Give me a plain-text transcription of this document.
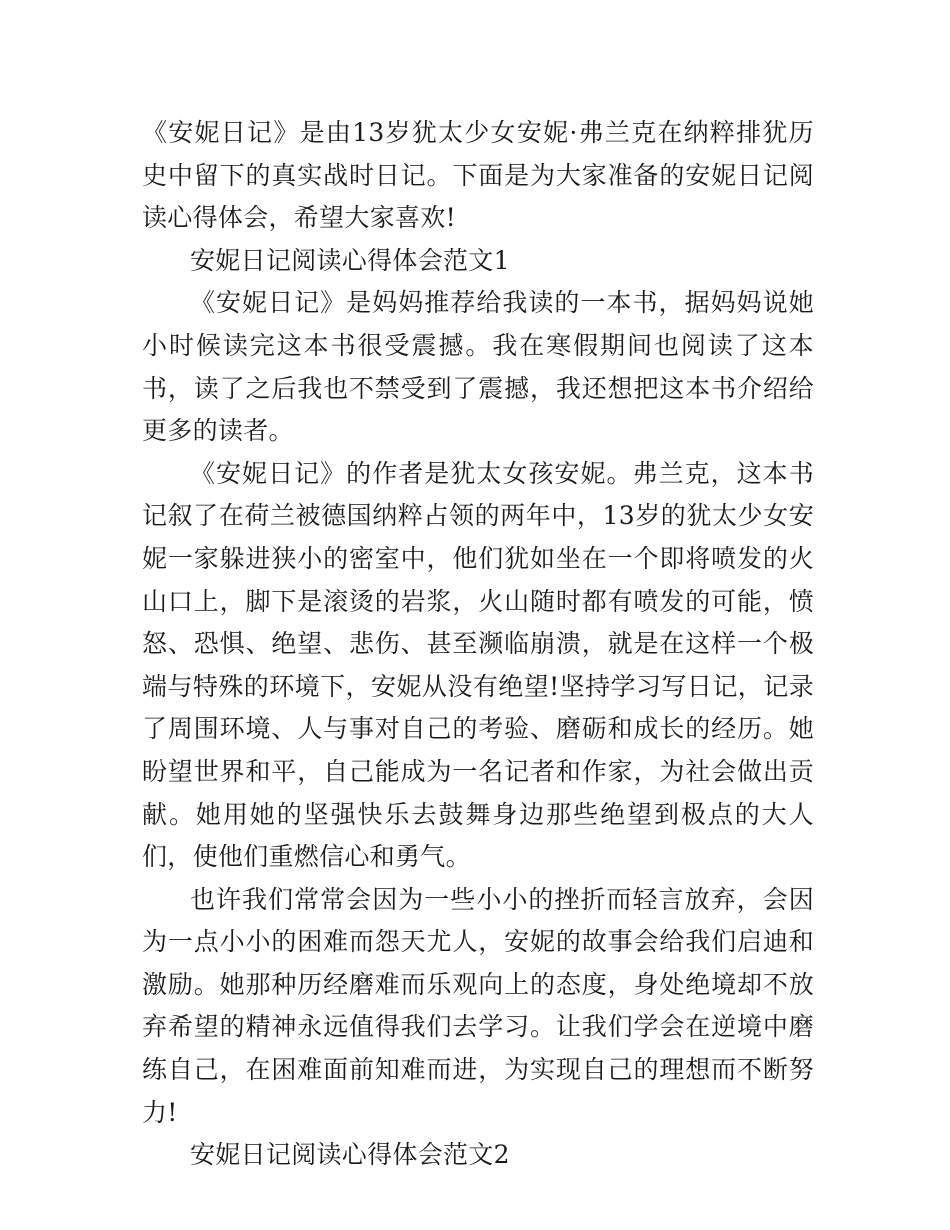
《安妮日记》是由13岁犹太少女安妮·弗兰克在纳粹排犹历史中留下的真实战时日记。下面是为大家准备的安妮日记阅读心得体会，希望大家喜欢!

安妮日记阅读心得体会范文1

《安妮日记》是妈妈推荐给我读的一本书，据妈妈说她小时候读完这本书很受震撼。我在寒假期间也阅读了这本书，读了之后我也不禁受到了震撼，我还想把这本书介绍给更多的读者。

《安妮日记》的作者是犹太女孩安妮。弗兰克，这本书记叙了在荷兰被德国纳粹占领的两年中，13岁的犹太少女安妮一家躲进狭小的密室中，他们犹如坐在一个即将喷发的火山口上，脚下是滚烫的岩浆，火山随时都有喷发的可能，愤怒、恐惧、绝望、悲伤、甚至濒临崩溃，就是在这样一个极端与特殊的环境下，安妮从没有绝望!坚持学习写日记，记录了周围环境、人与事对自己的考验、磨砺和成长的经历。她盼望世界和平，自己能成为一名记者和作家，为社会做出贡献。她用她的坚强快乐去鼓舞身边那些绝望到极点的大人们，使他们重燃信心和勇气。

也许我们常常会因为一些小小的挫折而轻言放弃，会因为一点小小的困难而怨天尤人，安妮的故事会给我们启迪和激励。她那种历经磨难而乐观向上的态度，身处绝境却不放弃希望的精神永远值得我们去学习。让我们学会在逆境中磨练自己，在困难面前知难而进，为实现自己的理想而不断努力!

安妮日记阅读心得体会范文2
